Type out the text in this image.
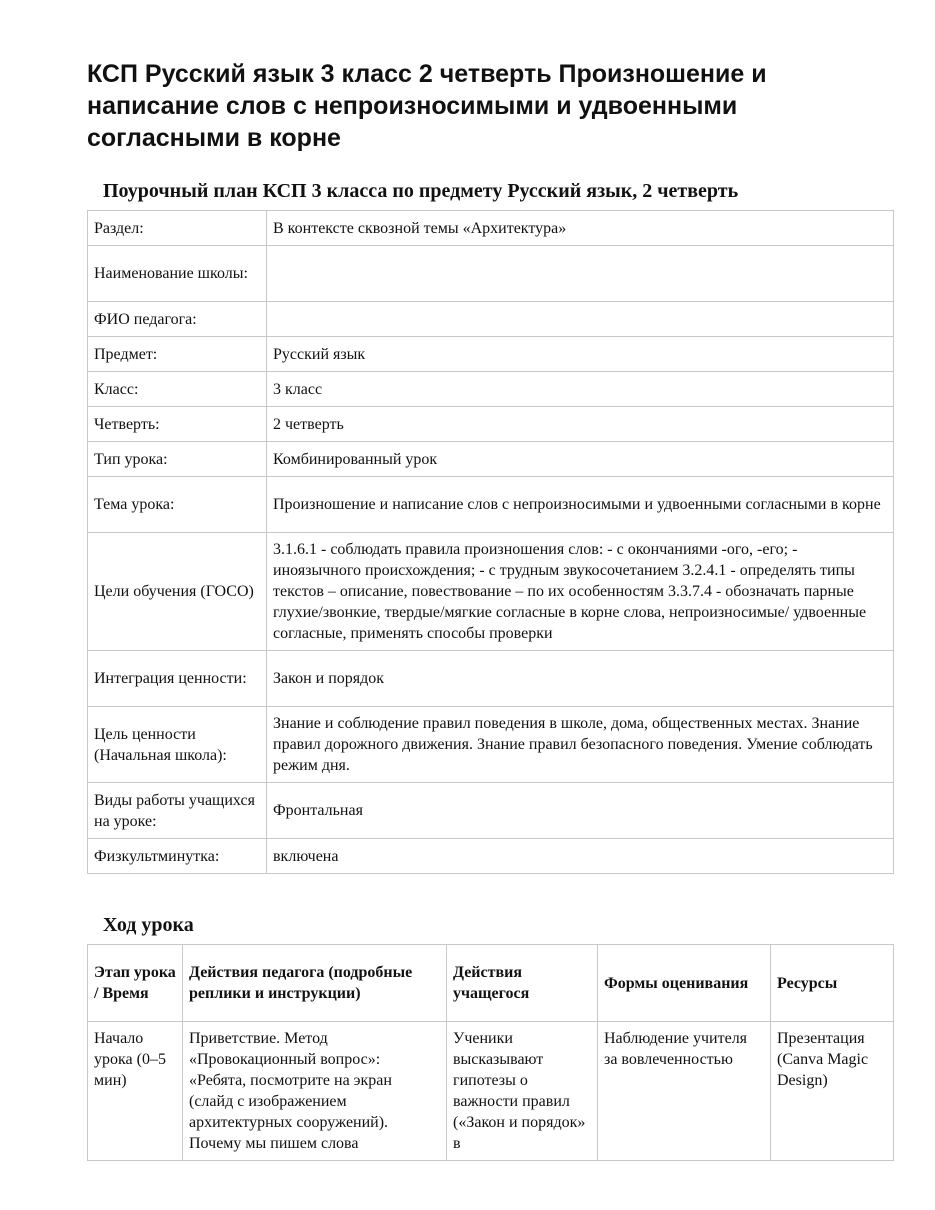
КСП Русский язык 3 класс 2 четверть Произношение и написание слов с непроизносимыми и удвоенными согласными в корне
Поурочный план КСП 3 класса по предмету Русский язык, 2 четверть
Раздел:	В контексте сквозной темы «Архитектура»
Наименование школы:	
ФИО педагога:	
Предмет:	Русский язык
Класс:	3 класс
Четверть:	2 четверть
Тип урока:	Комбинированный урок
Тема урока:	Произношение и написание слов с непроизносимыми и удвоенными согласными в корне
Цели обучения (ГОСО)	3.1.6.1 - соблюдать правила произношения слов: - с окончаниями -ого, -его; - иноязычного происхождения; - с трудным звукосочетанием 3.2.4.1 - определять типы текстов – описание, повествование – по их особенностям 3.3.7.4 - обозначать парные глухие/звонкие, твердые/мягкие согласные в корне слова, непроизносимые/ удвоенные согласные, применять способы проверки
Интеграция ценности:	Закон и порядок
Цель ценности (Начальная школа):	Знание и соблюдение правил поведения в школе, дома, общественных местах. Знание правил дорожного движения. Знание правил безопасного поведения. Умение соблюдать режим дня.
Виды работы учащихся на уроке:	Фронтальная
Физкультминутка:	включена
Ход урока
Этап урока / Время	Действия педагога (подробные реплики и инструкции)	Действия учащегося	Формы оценивания	Ресурсы

Начало урока (0–5 мин)	Приветствие. Метод «Провокационный вопрос»: «Ребята, посмотрите на экран (слайд с изображением архитектурных сооружений). Почему мы пишем слова	Ученики высказывают гипотезы о важности правил («Закон и порядок» в	Наблюдение учителя за вовлеченностью	Презентация (Canva Magic Design)
